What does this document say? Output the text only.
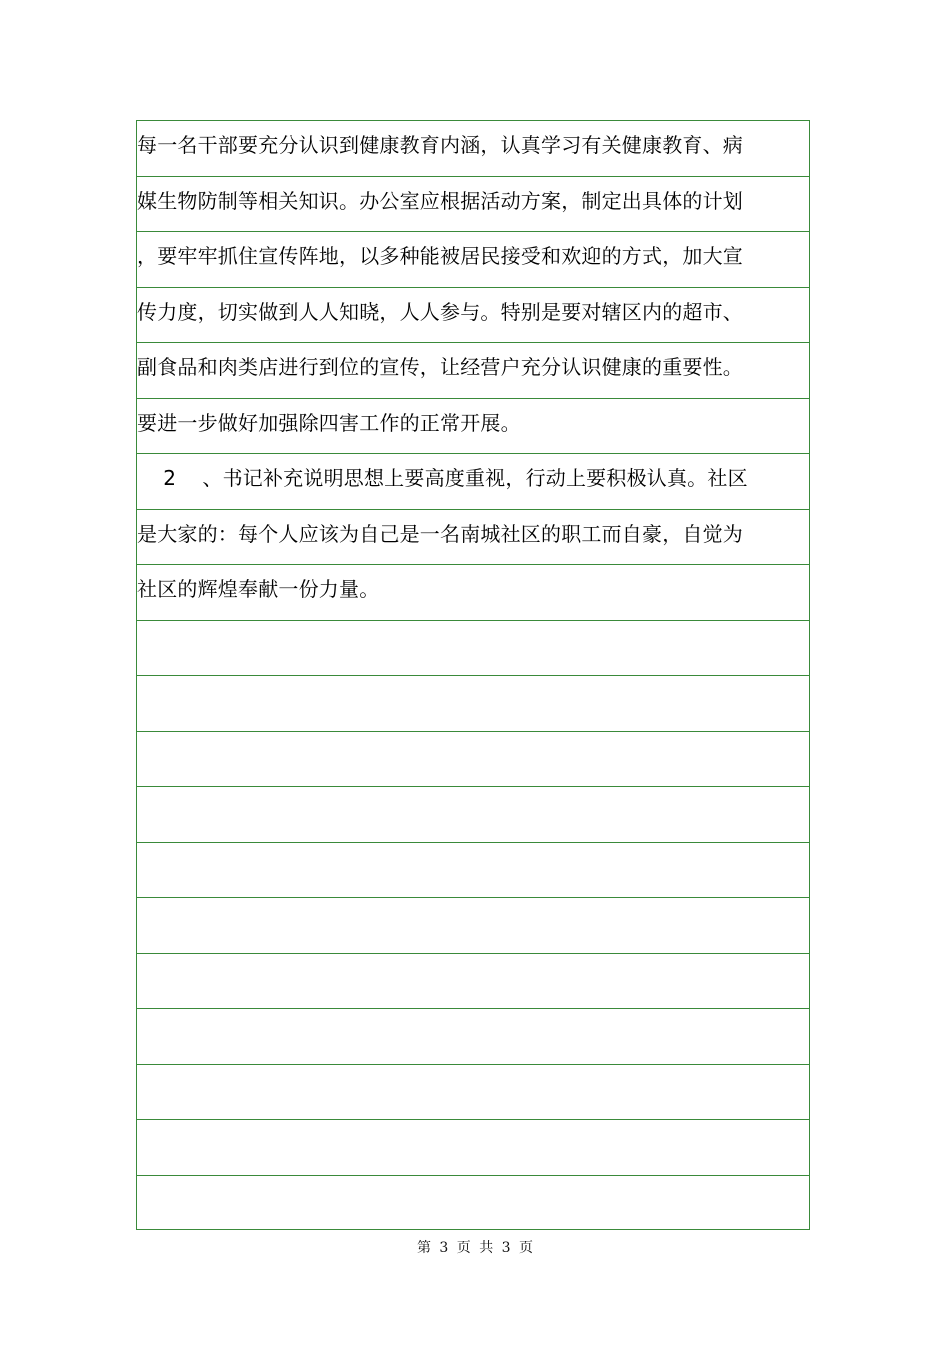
每一名干部要充分认识到健康教育内涵，认真学习有关健康教育、病
媒生物防制等相关知识。办公室应根据活动方案，制定出具体的计划
，要牢牢抓住宣传阵地，以多种能被居民接受和欢迎的方式，加大宣
传力度，切实做到人人知晓，人人参与。特别是要对辖区内的超市、
副食品和肉类店进行到位的宣传，让经营户充分认识健康的重要性。
要进一步做好加强除四害工作的正常开展。
2    、书记补充说明思想上要高度重视，行动上要积极认真。社区
是大家的：每个人应该为自己是一名南城社区的职工而自豪，自觉为
社区的辉煌奉献一份力量。
第 3 页 共 3 页
